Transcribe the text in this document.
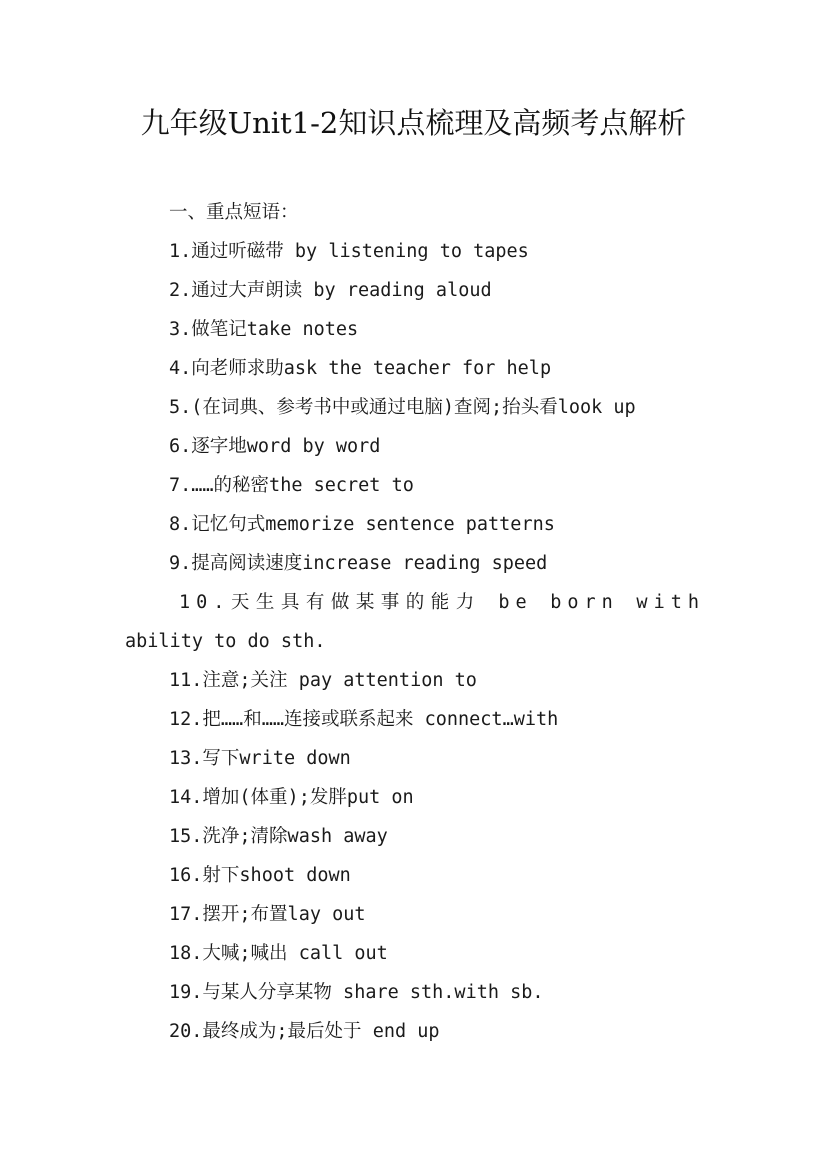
九年级Unit1-2知识点梳理及高频考点解析
一、重点短语：
1.通过听磁带 by listening to tapes
2.通过大声朗读 by reading aloud
3.做笔记take notes
4.向老师求助ask the teacher for help
5.(在词典、参考书中或通过电脑)查阅;抬头看look up
6.逐字地word by word
7.……的秘密the secret to
8.记忆句式memorize sentence patterns
9.提高阅读速度increase reading speed
10.天生具有做某事的能力 be born with
ability to do sth.
11.注意;关注 pay attention to
12.把……和……连接或联系起来 connect…with
13.写下write down
14.增加(体重);发胖put on
15.洗净;清除wash away
16.射下shoot down
17.摆开;布置lay out
18.大喊;喊出 call out
19.与某人分享某物 share sth.with sb.
20.最终成为;最后处于 end up
